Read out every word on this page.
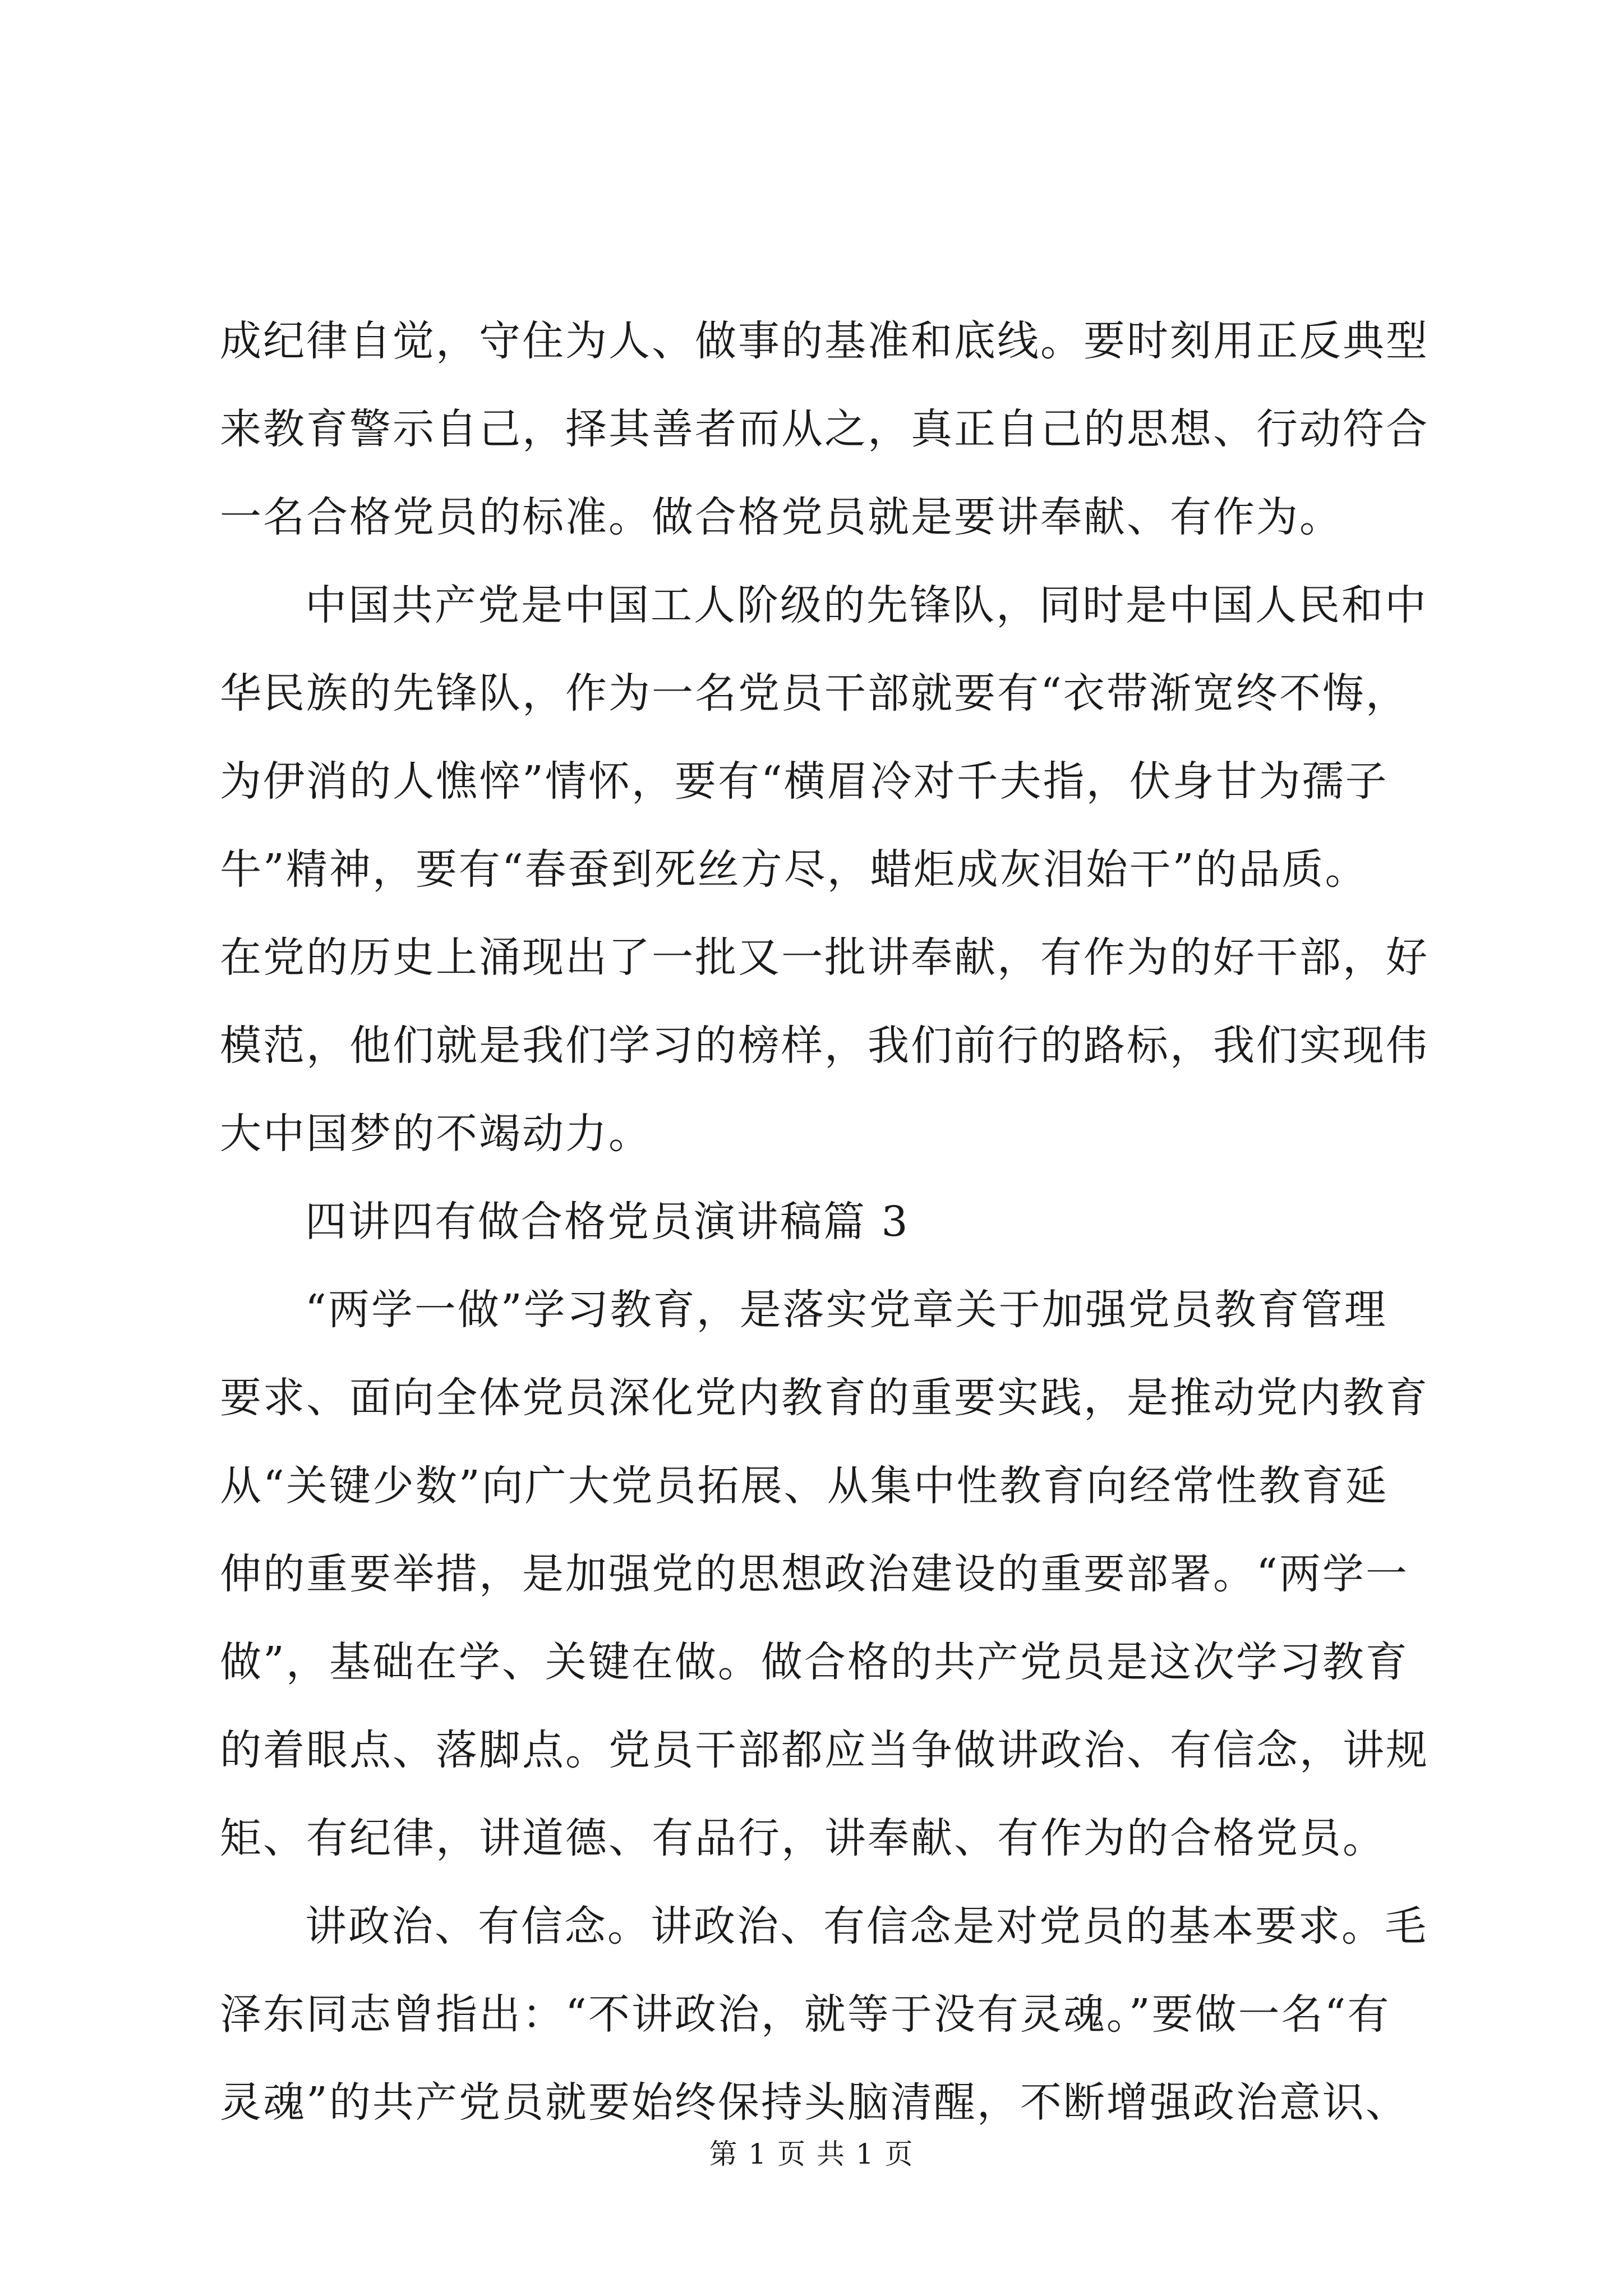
成纪律自觉，守住为人、做事的基准和底线。要时刻用正反典型
来教育警示自己，择其善者而从之，真正自己的思想、行动符合
一名合格党员的标准。做合格党员就是要讲奉献、有作为。
中国共产党是中国工人阶级的先锋队，同时是中国人民和中
华民族的先锋队，作为一名党员干部就要有“衣带渐宽终不悔，
为伊消的人憔悴”情怀，要有“横眉冷对千夫指，伏身甘为孺子
牛”精神，要有“春蚕到死丝方尽，蜡炬成灰泪始干”的品质。
在党的历史上涌现出了一批又一批讲奉献，有作为的好干部，好
模范，他们就是我们学习的榜样，我们前行的路标，我们实现伟
大中国梦的不竭动力。
四讲四有做合格党员演讲稿篇 3
“两学一做”学习教育，是落实党章关于加强党员教育管理
要求、面向全体党员深化党内教育的重要实践，是推动党内教育
从“关键少数”向广大党员拓展、从集中性教育向经常性教育延
伸的重要举措，是加强党的思想政治建设的重要部署。“两学一
做”，基础在学、关键在做。做合格的共产党员是这次学习教育
的着眼点、落脚点。党员干部都应当争做讲政治、有信念，讲规
矩、有纪律，讲道德、有品行，讲奉献、有作为的合格党员。
讲政治、有信念。讲政治、有信念是对党员的基本要求。毛
泽东同志曾指出：“不讲政治，就等于没有灵魂。”要做一名“有
灵魂”的共产党员就要始终保持头脑清醒，不断增强政治意识、
第 1 页 共 1 页
